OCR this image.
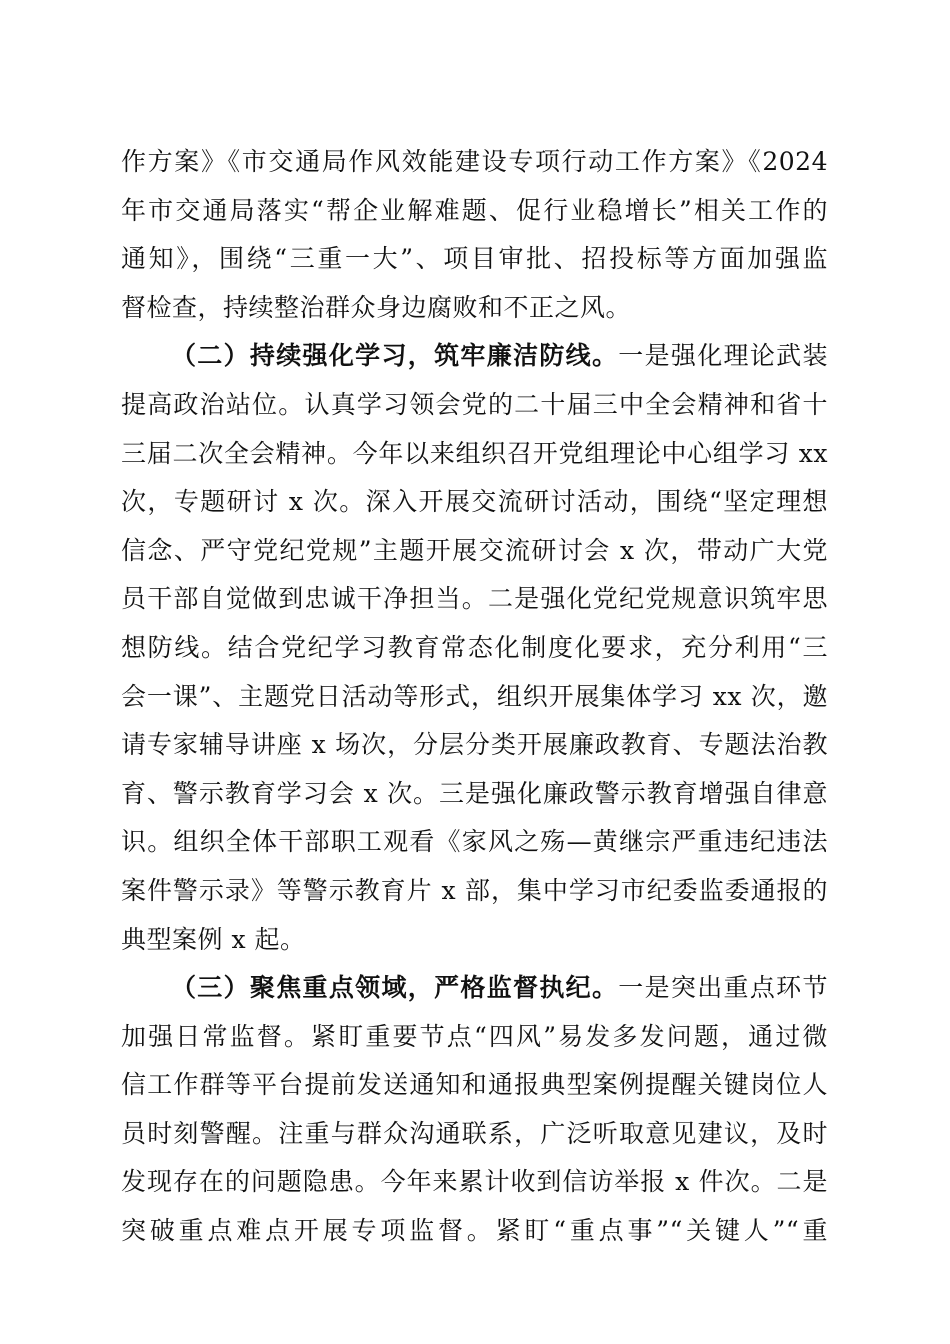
作方案》《市交通局作风效能建设专项行动工作方案》《2024
年市交通局落实“帮企业解难题、促行业稳增长”相关工作的
通知》，围绕“三重一大”、项目审批、招投标等方面加强监
督检查，持续整治群众身边腐败和不正之风。
（二）持续强化学习，筑牢廉洁防线。一是强化理论武装
提高政治站位。认真学习领会党的二十届三中全会精神和省十
三届二次全会精神。今年以来组织召开党组理论中心组学习 xx
次，专题研讨 x 次。深入开展交流研讨活动，围绕“坚定理想
信念、严守党纪党规”主题开展交流研讨会 x 次，带动广大党
员干部自觉做到忠诚干净担当。二是强化党纪党规意识筑牢思
想防线。结合党纪学习教育常态化制度化要求，充分利用“三
会一课”、主题党日活动等形式，组织开展集体学习 xx 次，邀
请专家辅导讲座 x 场次，分层分类开展廉政教育、专题法治教
育、警示教育学习会 x 次。三是强化廉政警示教育增强自律意
识。组织全体干部职工观看《家风之殇—黄继宗严重违纪违法
案件警示录》等警示教育片 x 部，集中学习市纪委监委通报的
典型案例 x 起。
（三）聚焦重点领域，严格监督执纪。一是突出重点环节
加强日常监督。紧盯重要节点“四风”易发多发问题，通过微
信工作群等平台提前发送通知和通报典型案例提醒关键岗位人
员时刻警醒。注重与群众沟通联系，广泛听取意见建议，及时
发现存在的问题隐患。今年来累计收到信访举报 x 件次。二是
突破重点难点开展专项监督。紧盯“重点事”“关键人”“重
